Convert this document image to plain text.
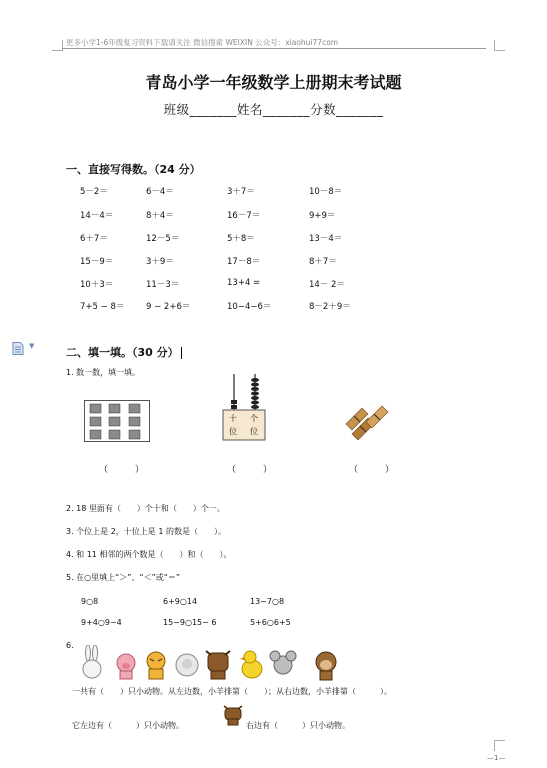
更多小学1-6年级复习资料下载请关注 微信搜索 WEIXIN 公众号：xiaohui77com
青岛小学一年级数学上册期末考试题
班级_______姓名_______分数_______
一、直接写得数。（24 分）
5－2＝	6－4＝	3＋7＝	10－8＝
14－4＝	8＋4＝	16－7＝	9+9＝
6＋7＝	12－5＝	5＋8＝	13－4＝
15－9＝	3＋9＝	17－8＝	8＋7＝
10＋3＝	11－3＝	13+4 =	14－ 2＝
7+5 − 8＝	9 − 2+6＝	10−4−6＝	8－2＋9＝
▼	二、填一填。（30 分）
1. 数一数，填一填。
十 个
位 位
（　　　）	（　　　）	（　　　）
2. 18 里面有（　　）个十和（　　）个一。
3. 个位上是 2，十位上是 1 的数是（　　）。
4. 和 11 相邻的两个数是（　　）和（　　）。
5. 在○里填上“＞”、“＜”或“＝”
9○8	6+9○14	13−7○8
9+4○9−4	15−9○15− 6	5+6○6+5
6.
一共有（　　）只小动物。从左边数，小羊排第（　　）；从右边数，小羊排第（　　　）。
它左边有（　　　）只小动物。	右边有（　　　）只小动物。
—1—
